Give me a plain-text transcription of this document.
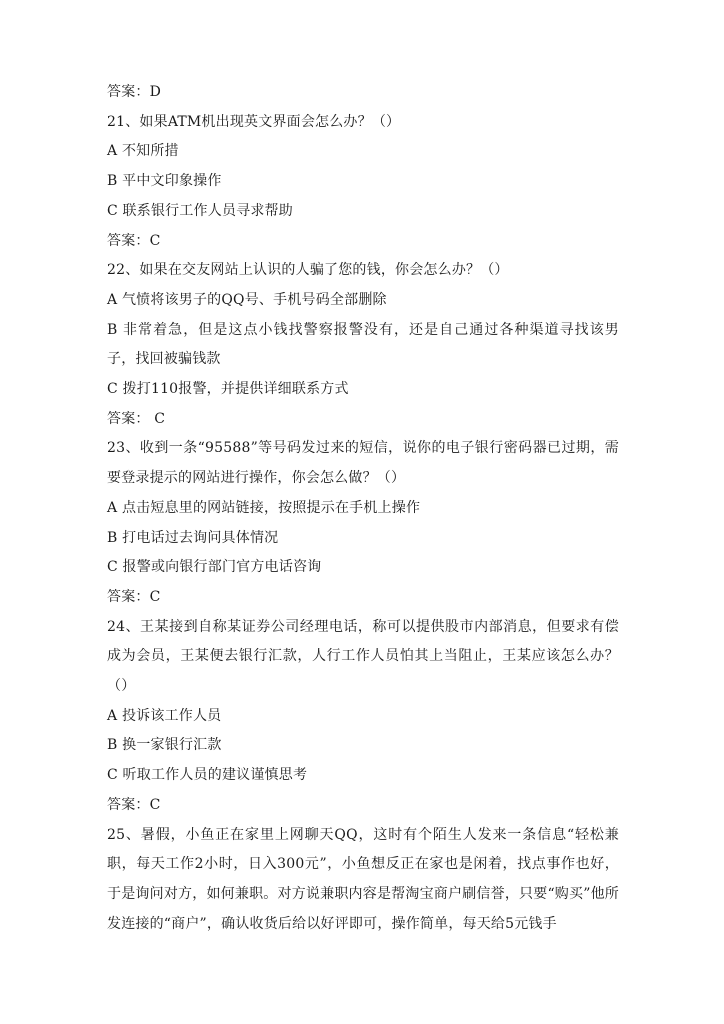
答案：D
21、如果ATM机出现英文界面会怎么办？（）
A 不知所措
B 平中文印象操作
C 联系银行工作人员寻求帮助
答案：C
22、如果在交友网站上认识的人骗了您的钱，你会怎么办？（）
A 气愤将该男子的QQ号、手机号码全部删除
B 非常着急，但是这点小钱找警察报警没有，还是自己通过各种渠道寻找该男子，找回被骗钱款
C 拨打110报警，并提供详细联系方式
答案： C
23、收到一条“95588”等号码发过来的短信，说你的电子银行密码器已过期，需要登录提示的网站进行操作，你会怎么做？（）
A 点击短息里的网站链接，按照提示在手机上操作
B 打电话过去询问具体情况
C 报警或向银行部门官方电话咨询
答案：C
24、王某接到自称某证券公司经理电话，称可以提供股市内部消息，但要求有偿成为会员，王某便去银行汇款，人行工作人员怕其上当阻止，王某应该怎么办？（）
A 投诉该工作人员
B 换一家银行汇款
C 听取工作人员的建议谨慎思考
答案：C
25、暑假，小鱼正在家里上网聊天QQ，这时有个陌生人发来一条信息“轻松兼职，每天工作2小时，日入300元”，小鱼想反正在家也是闲着，找点事作也好，于是询问对方，如何兼职。对方说兼职内容是帮淘宝商户刷信誉，只要“购买”他所发连接的“商户”，确认收货后给以好评即可，操作简单，每天给5元钱手
